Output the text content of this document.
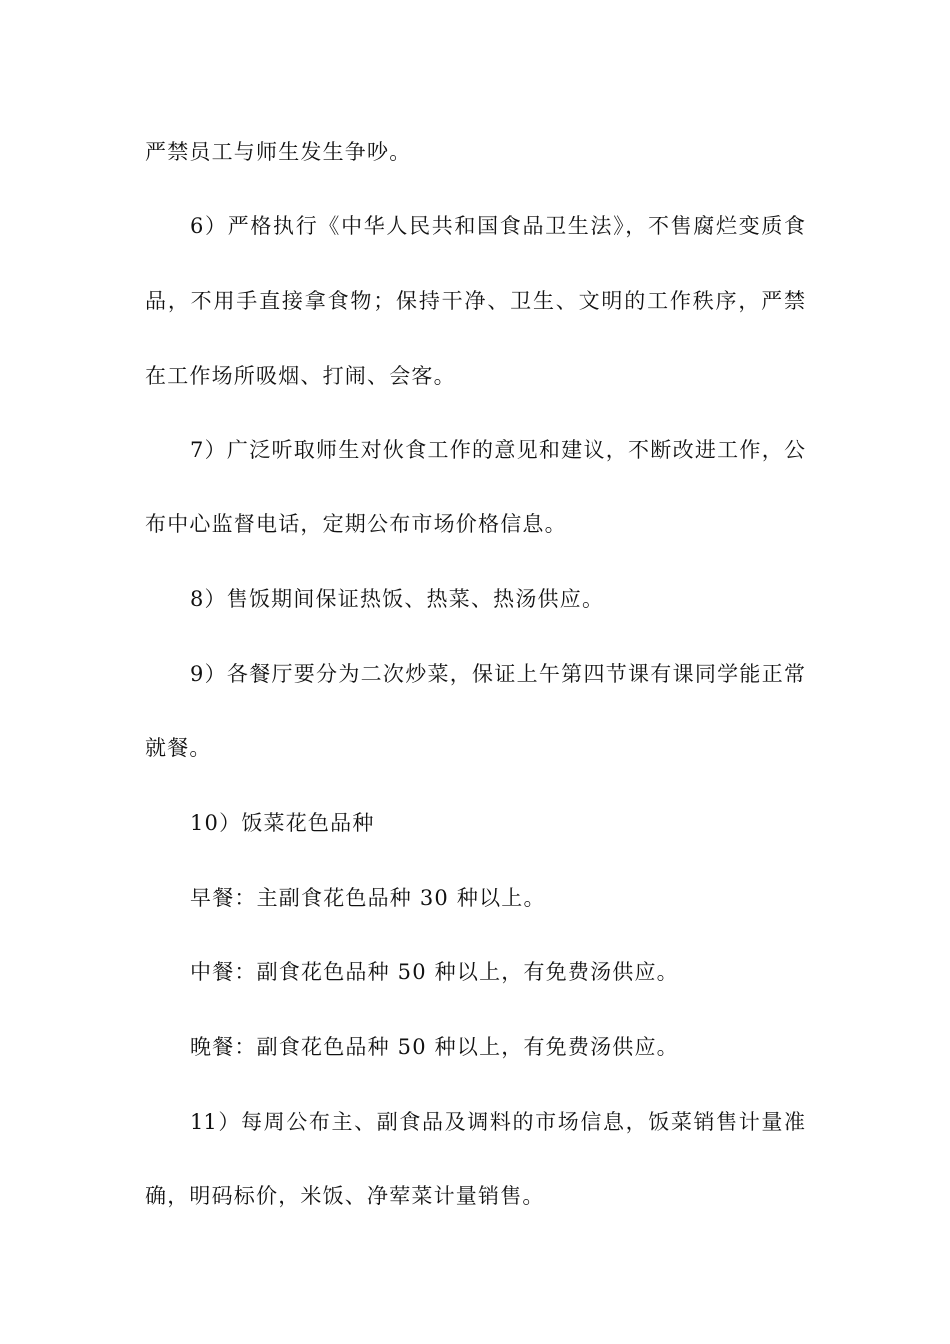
严禁员工与师生发生争吵。
6）严格执行《中华人民共和国食品卫生法》，不售腐烂变质食
品，不用手直接拿食物；保持干净、卫生、文明的工作秩序，严禁
在工作场所吸烟、打闹、会客。
7）广泛听取师生对伙食工作的意见和建议，不断改进工作，公
布中心监督电话，定期公布市场价格信息。
8）售饭期间保证热饭、热菜、热汤供应。
9）各餐厅要分为二次炒菜，保证上午第四节课有课同学能正常
就餐。
10）饭菜花色品种
早餐：主副食花色品种 30 种以上。
中餐：副食花色品种 50 种以上，有免费汤供应。
晚餐：副食花色品种 50 种以上，有免费汤供应。
11）每周公布主、副食品及调料的市场信息，饭菜销售计量准
确，明码标价，米饭、净荤菜计量销售。
